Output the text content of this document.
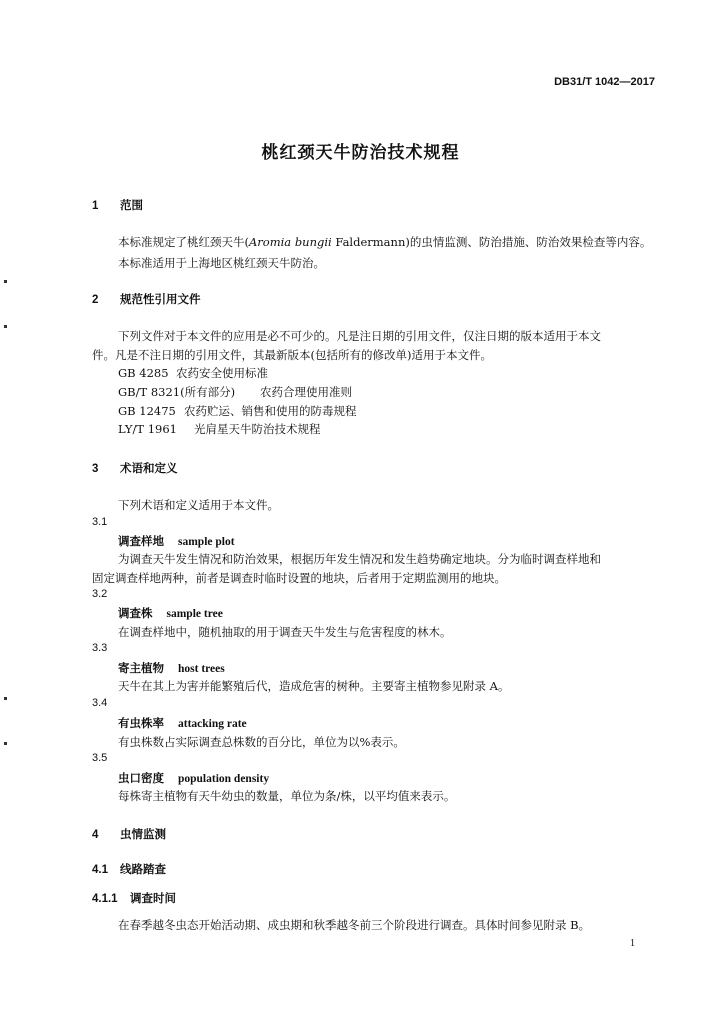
DB31/T 1042—2017
桃红颈天牛防治技术规程
1 范围
本标准规定了桃红颈天牛(Aromia bungii Faldermann)的虫情监测、防治措施、防治效果检查等内容。
本标准适用于上海地区桃红颈天牛防治。
2 规范性引用文件
下列文件对于本文件的应用是必不可少的。凡是注日期的引用文件，仅注日期的版本适用于本文
件。凡是不注日期的引用文件，其最新版本(包括所有的修改单)适用于本文件。
GB 4285 农药安全使用标准
GB/T 8321(所有部分) 农药合理使用准则
GB 12475 农药贮运、销售和使用的防毒规程
LY/T 1961 光肩星天牛防治技术规程
3 术语和定义
下列术语和定义适用于本文件。
3.1
调查样地 sample plot
为调查天牛发生情况和防治效果，根据历年发生情况和发生趋势确定地块。分为临时调查样地和
固定调查样地两种，前者是调查时临时设置的地块，后者用于定期监测用的地块。
3.2
调查株 sample tree
在调查样地中，随机抽取的用于调查天牛发生与危害程度的林木。
3.3
寄主植物 host trees
天牛在其上为害并能繁殖后代，造成危害的树种。主要寄主植物参见附录 A。
3.4
有虫株率 attacking rate
有虫株数占实际调查总株数的百分比，单位为以%表示。
3.5
虫口密度 population density
每株寄主植物有天牛幼虫的数量，单位为条/株，以平均值来表示。
4 虫情监测
4.1 线路踏查
4.1.1 调查时间
在春季越冬虫态开始活动期、成虫期和秋季越冬前三个阶段进行调查。具体时间参见附录 B。
1
